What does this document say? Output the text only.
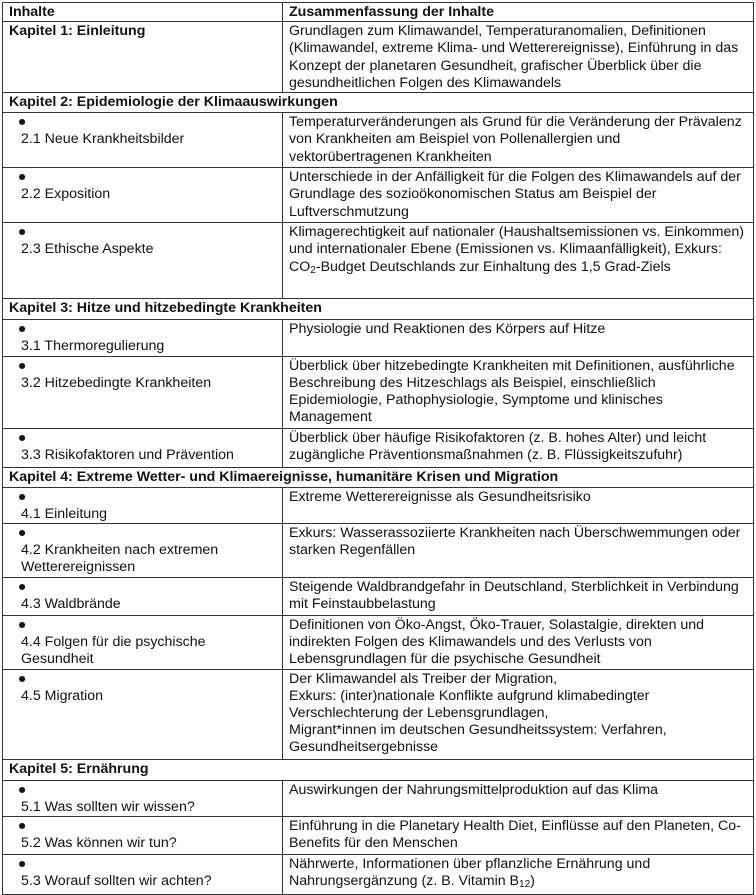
Inhalte	Zusammenfassung der Inhalte
Kapitel 1: Einleitung	Grundlagen zum Klimawandel, Temperaturanomalien, Definitionen (Klimawandel, extreme Klima- und Wetterereignisse), Einführung in das Konzept der planetaren Gesundheit, grafischer Überblick über die gesundheitlichen Folgen des Klimawandels
Kapitel 2: Epidemiologie der Klimaauswirkungen	
●2.1 Neue Krankheitsbilder	Temperaturveränderungen als Grund für die Veränderung der Prävalenz von Krankheiten am Beispiel von Pollenallergien und vektorübertragenen Krankheiten
●2.2 Exposition	Unterschiede in der Anfälligkeit für die Folgen des Klimawandels auf der Grundlage des sozioökonomischen Status am Beispiel der Luftverschmutzung
●2.3 Ethische Aspekte	Klimagerechtigkeit auf nationaler (Haushaltsemissionen vs. Einkommen) und internationaler Ebene (Emissionen vs. Klimaanfälligkeit), Exkurs: $CO_2$-Budget Deutschlands zur Einhaltung des 1,5 Grad-Ziels
Kapitel 3: Hitze und hitzebedingte Krankheiten	
●3.1 Thermoregulierung	Physiologie und Reaktionen des Körpers auf Hitze
●3.2 Hitzebedingte Krankheiten	Überblick über hitzebedingte Krankheiten mit Definitionen, ausführliche Beschreibung des Hitzeschlags als Beispiel, einschließlich Epidemiologie, Pathophysiologie, Symptome und klinisches Management
●3.3 Risikofaktoren und Prävention	Überblick über häufige Risikofaktoren (z. B. hohes Alter) und leicht zugängliche Präventionsmaßnahmen (z. B. Flüssigkeitszufuhr)
Kapitel 4: Extreme Wetter- und Klimaereignisse, humanitäre Krisen und Migration	
●4.1 Einleitung	Extreme Wetterereignisse als Gesundheitsrisiko
●4.2 Krankheiten nach extremen Wetterereignissen	Exkurs: Wasserassoziierte Krankheiten nach Überschwemmungen oder starken Regenfällen
●4.3 Waldbrände	Steigende Waldbrandgefahr in Deutschland, Sterblichkeit in Verbindung mit Feinstaubbelastung
●4.4 Folgen für die psychische Gesundheit	Definitionen von Öko-Angst, Öko-Trauer, Solastalgie, direkten und indirekten Folgen des Klimawandels und des Verlusts von Lebensgrundlagen für die psychische Gesundheit
●4.5 Migration	Der Klimawandel als Treiber der Migration,
Exkurs: (inter)nationale Konflikte aufgrund klimabedingter Verschlechterung der Lebensgrundlagen,
Migrant*innen im deutschen Gesundheitssystem: Verfahren, Gesundheitsergebnisse

Kapitel 5: Ernährung	
●5.1 Was sollten wir wissen?	Auswirkungen der Nahrungsmittelproduktion auf das Klima
●5.2 Was können wir tun?	Einführung in die Planetary Health Diet, Einflüsse auf den Planeten, Co-Benefits für den Menschen
●5.3 Worauf sollten wir achten?	Nährwerte, Informationen über pflanzliche Ernährung und Nahrungsergänzung (z. B. Vitamin $B_{12}$)
